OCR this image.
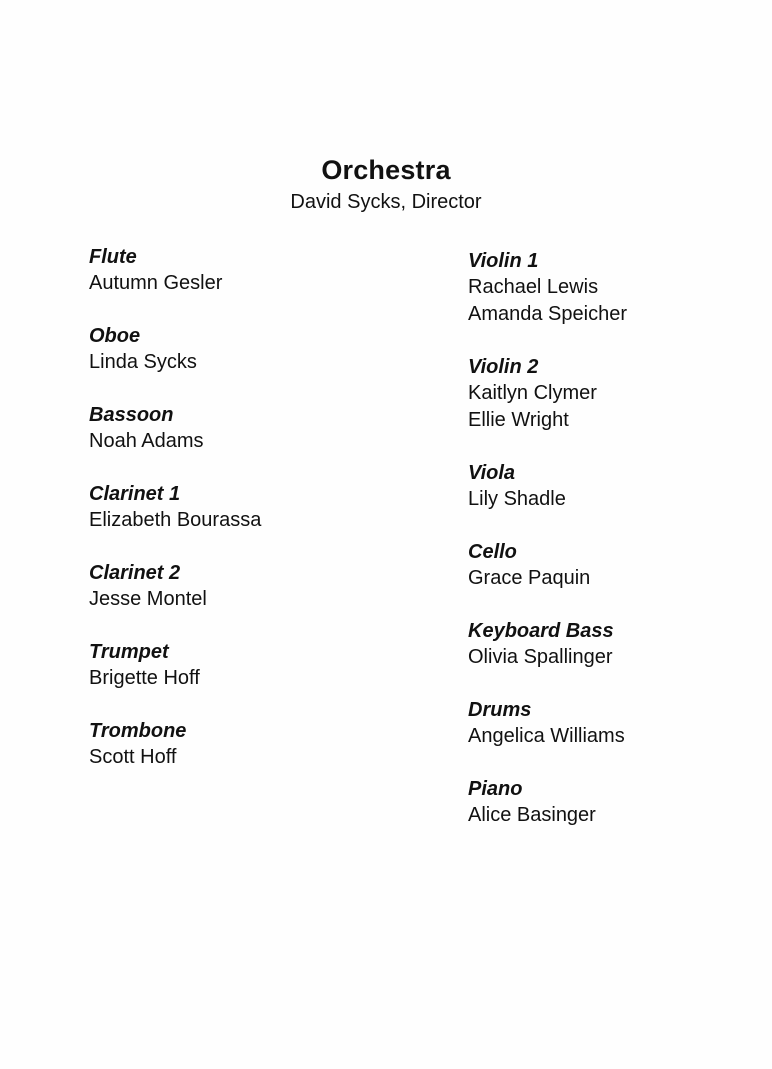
Orchestra
David Sycks, Director
Flute
Autumn Gesler
Oboe
Linda Sycks
Bassoon
Noah Adams
Clarinet 1
Elizabeth Bourassa
Clarinet 2
Jesse Montel
Trumpet
Brigette Hoff
Trombone
Scott Hoff
Violin 1
Rachael Lewis
Amanda Speicher
Violin 2
Kaitlyn Clymer
Ellie Wright
Viola
Lily Shadle
Cello
Grace Paquin
Keyboard Bass
Olivia Spallinger
Drums
Angelica Williams
Piano
Alice Basinger
